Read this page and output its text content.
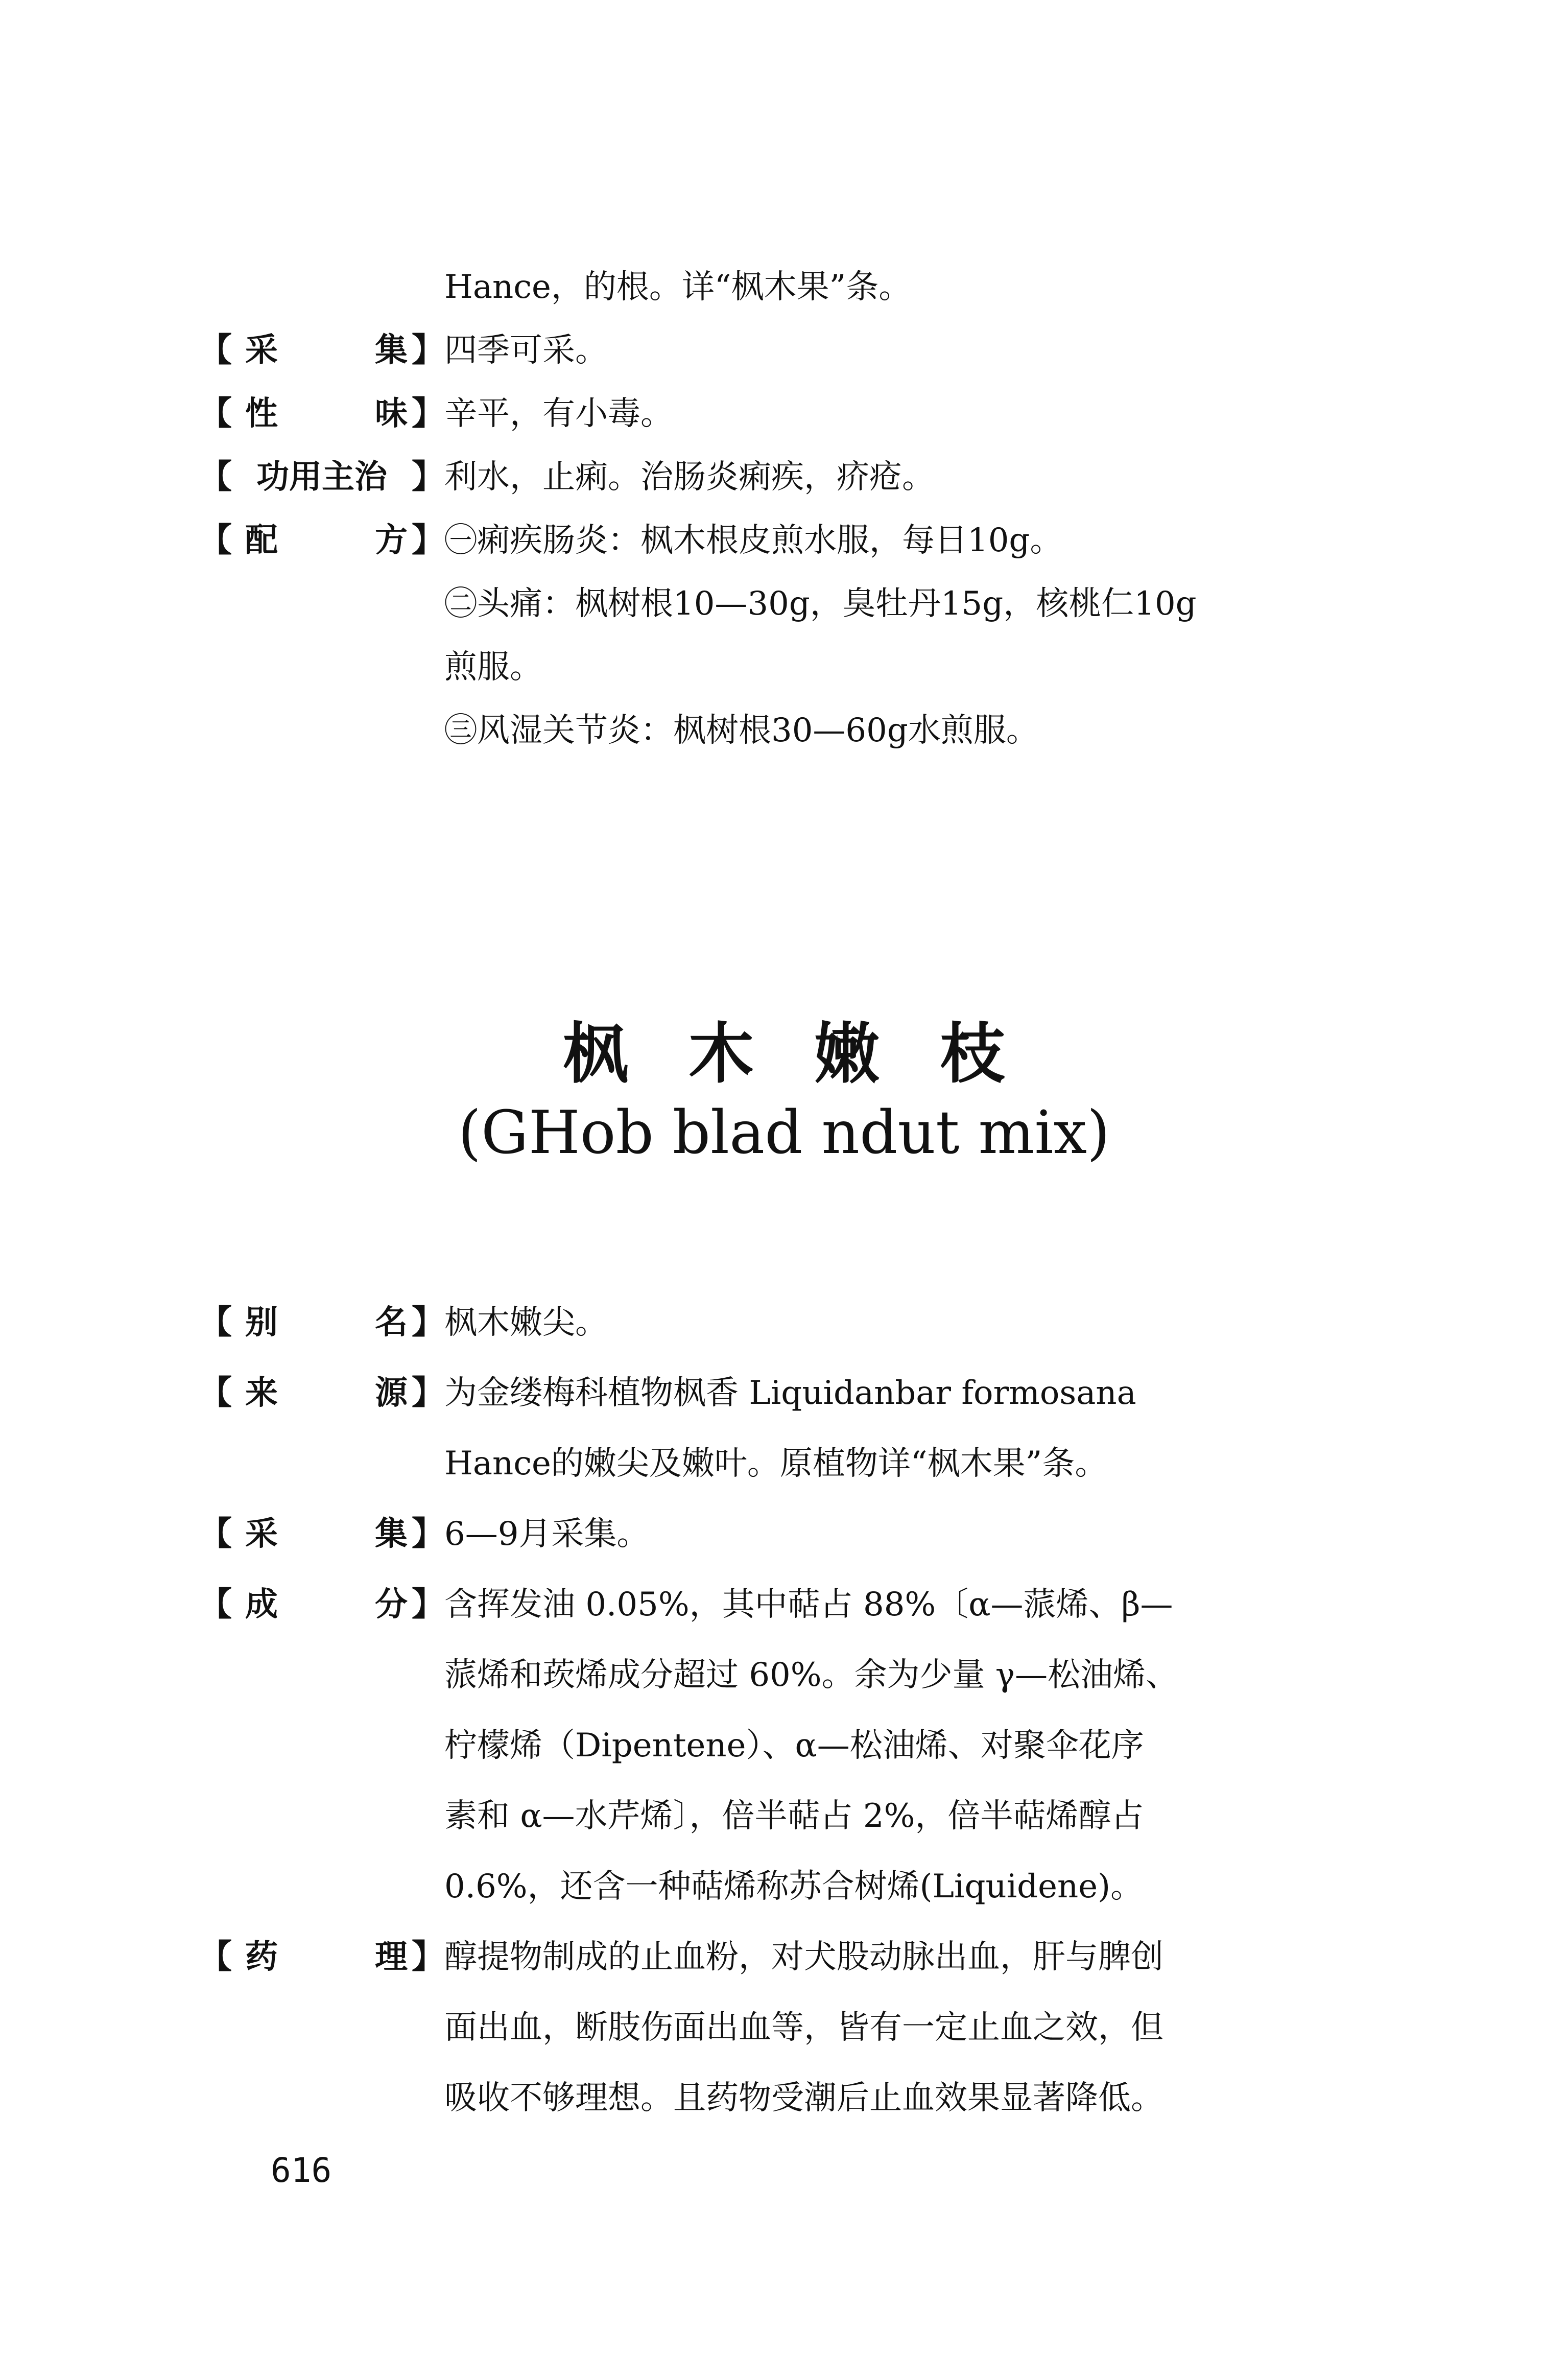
Hance，的根。详“枫木果”条。
【 采	集 】 四季可采。
【 性	味 】 辛平，有小毒。
【 功用主治 】 利水，止痢。治肠炎痢疾，疥疮。
【 配	方 】 ㊀痢疾肠炎：枫木根皮煎水服，每日10g。
㊁头痛：枫树根10—30g，臭牡丹15g，核桃仁10g
煎服。
㊂风湿关节炎：枫树根30—60g水煎服。
枫木嫩枝
(GHob blad ndut mix)
【 别	名 】 枫木嫩尖。
【 来	源 】 为金缕梅科植物枫香 Liquidanbar formosana
Hance的嫩尖及嫩叶。原植物详“枫木果”条。
【 采	集 】 6—9月采集。
【 成	分 】 含挥发油 0.05%，其中萜占 88%〔α—蒎烯、β—
蒎烯和莰烯成分超过 60%。余为少量 γ—松油烯、
柠檬烯（Dipentene）、α—松油烯、对聚伞花序
素和 α—水芹烯〕，倍半萜占 2%，倍半萜烯醇占
0.6%，还含一种萜烯称苏合树烯(Liquidene)。
【 药	理 】 醇提物制成的止血粉，对犬股动脉出血，肝与脾创
面出血，断肢伤面出血等，皆有一定止血之效，但
吸收不够理想。且药物受潮后止血效果显著降低。
616
